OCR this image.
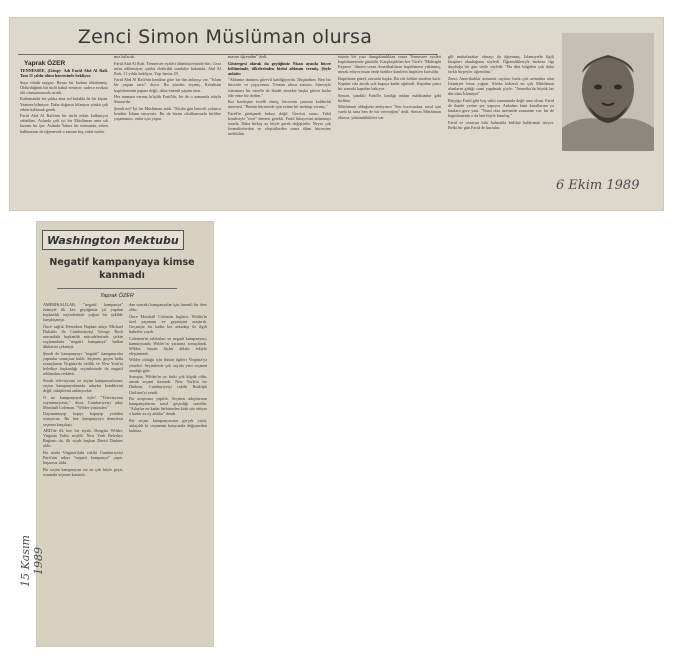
Zenci Simon Müslüman olursa
Yaprak ÖZER

TENNESSEE, (Gönp)- Adı Farid Abd Al Rafi. Tam 11 yıldır ölüm hücresinde bekliyor.

Suçu ölüdü saygısı. Beyaz bir kadına ölüdürmüş. Öldürdüğünü bir türlü kabul etmiyor, sadece avukatı ölü olamamasında ısrarlı.

Katlamanda bir şakka ama sol kalakla da bir kişini. Yazmez bilmiyor. Daha doğrusu bilmiyor çünkü çok erken kalkmak gerek.

Farid Abd Al Rafi'nin bir türlü erken kalkmıyor sabahları. Aslında çok iyi bir Müslüman ama sık kusuru bu işte. Aslında Yalnız bir memurda, erken kalkmasını da öğrenecek o zaman boş vakti vardır.

mız kalacak.

Farid Abd Al Rafi. Tennessee eyaleti ölümhücresinde biri. Ceza infaz edilemiyor, çünkü elektrikli sandalye bakımda. Abd Al Rafi, 11 yıldır bekliyor. Yaşı henüz 29.

Farid Abd Al Rafi'nin kendine göre bir din anlayışı var. "İslam bir yaşam tarzı" diyor. Bu yüzden seçmiş. Kendisini hapishanenin papazı değil, daha önemli yaşam tarzı.

Her namaza varmış kılıçlık Farid'de, bir de o zamanda adıyla Simon'du.

Şimdi mi? İyi bir Müslüman artık. "Kitabı gün benceli yolunca kendini İslamı tanıyoriz. Bu da bizim okullarımızla birlikte yaşamasını, onlar için yapar.

masını öğrendim" dedi.

Göstergesi olarak da geçtiğimiz Nisan ayında hücre bölümünde, ülkelerinden birini ablasını vermiş. Şöyle anlattı:

"Ablamız durumu görevli kaldığıyordu. Düşündüm. Ben bir hücrede ve yaşıyorum. Yönüm ulusu sonucu. Süresiyle istismarcı bir süredir de ibadet etmekte başka güven kadar öde etme bir dedim."

Kız kardeşine teselli etmiş, hücrenin çatısına kaldırıldı interneti. "Benim hücremde için evime bir mektup vermiş."

Farid'in görüşmek bakıyı değil. Öncüsü sırası. Tabii kendisiyle "evet" demesi gerekli. Farid hikayesini anlatmayı ısrarla. Daha birkaç ay böyle gerek değiştirilir. Neyse çok formalitelerden ve eleştirilerden sonra ölüm hücresine inebildim.

risinin bir yazı damgalandıktan sonra Tennessee eyaleti hapishanesinde görüldü. Karşılaştıkları her Türk'e "Midnight Express" filmini soran Amerikalıların hapishanesi yakinmış, merak ediyor insan önde birlikte kimlerin hapisten kurtuldu.

Hapishane güzel, zorunlu başka. Bir tek bölüm modern katlı. Kapılar sıkı ancak çok kapıya kadar eğitimli. Kapıdan çatısı bir sonraki kapıdan bakıyor.

Simon, şimdiki Farid'le kızdığı ondan mahkumlar gibi birlikte.

Müslüman olduğunu anlayınca "Sen kocasından, nasıl işin vardı ki sana ben de bir vereceğim" dedi. Simon Müslüman olunca, yükümlülükleri var.

gili muhafazakar olmayı da öğrenmiş. İslamiyetle ilgili kitapları okuduğunu söyledi. Öğrendikleriyle herkese ilgi duyduğu bir gün söyle söyledi: "Bu dini bilgiden çok daha farklı birşeyler öğrendim."

Zenci Amerikalılar arasında sayıları hızla çok artmakta olan İslamiyet biraz yoğun. Afrika kökenli en çok Müslüman olanların gittiği cami yapılmak şöyle: "Amerika'da büyük bir din olan İslamiyet"

Birçoğu Farid gibi boş vakti zamanında değil ama olsun. Farid de ibadet yerine şey yapıyor. Anladım kimi kurallarına ya bunlara göre yani. "Nasıl olsa üzerimde zamanım var, bir de hapishanenin o da ben böyle kuruluş."

Farid ve cezasını bilir kalmakla birlikte kaldırmak istiyor. Belki bir gün Farid de kurtulur.

6 Ekim 1989
Washington Mektubu
Negatif kampanyaya kimse kanmadı
Yaprak ÖZER

AMERİKALILAR, "negatif kampanya" isimiyle ilk kez geçtiğimiz yıl yapılan başkanlık seçimlerinde yoğun bir şekilde karşılaşmıştı.

Önce sağlık Demokrat Başkan adayı Michael Dukakis ile Cumhuriyetçi George Bush arasındaki başkanlık mücadelesinde, çirkin suçlamalarla "negatif kampanya" halkın dikkatini çekmişti.

Şimdi de kampanyayı "negatif" kampanyalar yapanlar sonuçsuz kaldı. Seçmen, geçen hafta sonuçlanan Virginia'da valilik ve New York'ta belediye başkanlığı seçimlerinde de negatif reklamları reddetti.

Sınırlı televizyona ve seçim kampanyalarına, seçim kampanyalarında adaylar kendilerini değil, rakiplerini anlatıyorlar.

O ne kampanyaydı öyle! "Televizyonu soyunmuyoruz," diyor Cumhuriyetçi aday Marshall Coleman. "Wilder yüzünden"

Dayanamayıp kapıyı kapayıp yeniden soruyoruz. Bu kez kampanyaya demokrat seçmen karşılaştı.

ABD'de ilk kez bir siyah, Douglas Wilder, Virginia Valisi seçildi. New York Belediye Başkanı da, ilk siyah başkan David Dinkins oldu.

Bu arada Virginia'daki rakibi Cumhuriyetçi Parti'nin adayı "negatif kampanya" yaptı, başarısız oldu.

Bir seçim kampanyası ise en çok böyle geçti, sonunda seçmen kazandı.

dan sonraki kampanyalar için önemli bir ders oldu.

Önce Marshall Coleman başlattı. Wilder'in özel yaşamını ve geçmişini araştırdı. Geçmişte bir kadın kız arkadaşı ile ilgili haberler yaydı.

Coleman'ın saldırıları ve negatif kampanyası, kamuoyunda Wilder'ın yararına sonuçlandı. Wilder, hayatı hiçbir ahlaki etkiyle eleştirmedi.

Wilder olduğu için bütün ilgileri Virginia'ya yöneltti. Seçimlerde çok sayıda yeni seçmen sandığa gitti.

Sonuçta, Wilder'ın oy farkı çok küçük oldu, ancak seçimi kazandı. New York'ta ise Dinkins, Cumhuriyetçi rakibi Rudolph Giuliani'yi yendi.

Bir araştırma yapıldı. Seçmen adaylarının kampanyalarını nasıl geçirdiği soruldu: "Adaylar ne kadar birbirinden kötü söz ettiyse o kadar az oy aldılar" dendi.

Bir seçim kampanyasının gerçek yüzü, anlaşıldı ki seçmenin karşısında değişmeden kalmaz.

15 Kasım 1989
